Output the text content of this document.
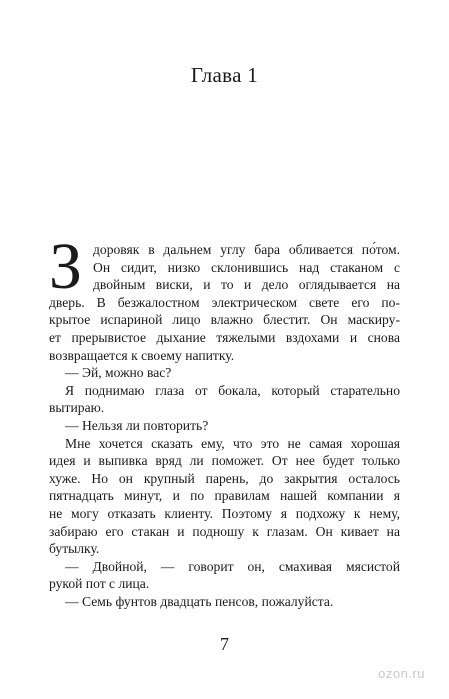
Глава 1
З доровяк в дальнем углу бара обливается по́том.
Он сидит, низко склонившись над стаканом с
двойным виски, и то и дело оглядывается на
дверь. В безжалостном электрическом свете его по-
крытое испариной лицо влажно блестит. Он маскиру-
ет прерывистое дыхание тяжелыми вздохами и снова
возвращается к своему напитку.
— Эй, можно вас?
Я поднимаю глаза от бокала, который старательно
вытираю.
— Нельзя ли повторить?
Мне хочется сказать ему, что это не самая хорошая
идея и выпивка вряд ли поможет. От нее будет только
хуже. Но он крупный парень, до закрытия осталось
пятнадцать минут, и по правилам нашей компании я
не могу отказать клиенту. Поэтому я подхожу к нему,
забираю его стакан и подношу к глазам. Он кивает на
бутылку.
— Двойной, — говорит он, смахивая мясистой
рукой пот с лица.
— Семь фунтов двадцать пенсов, пожалуйста.
7
ozon.ru
